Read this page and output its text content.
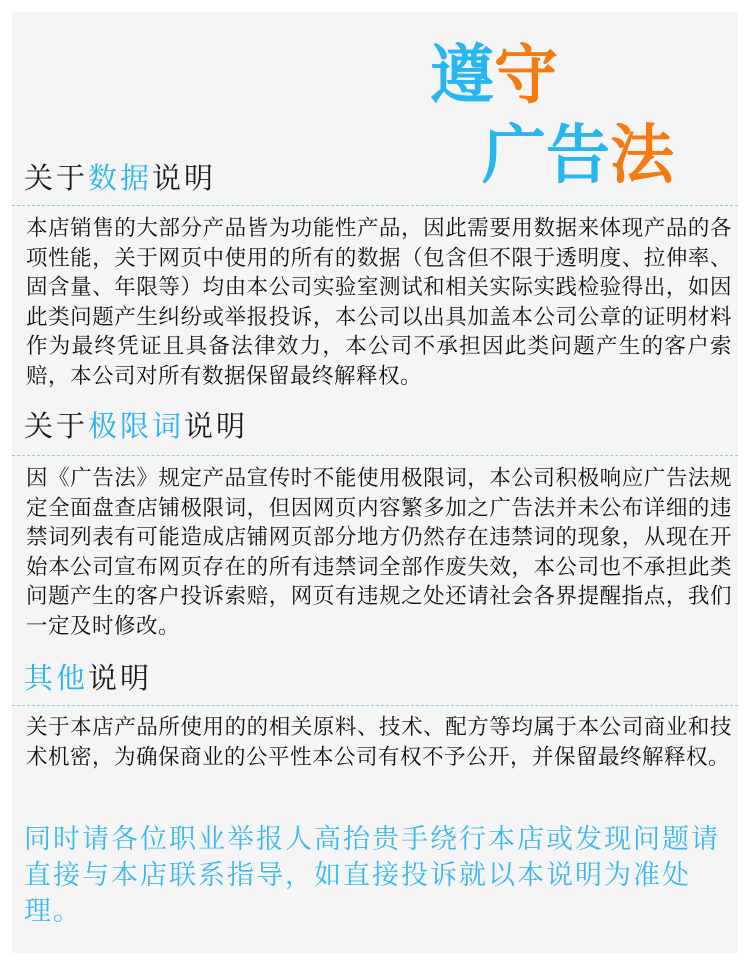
遵守
广告法
关于数据说明

本店销售的大部分产品皆为功能性产品，因此需要用数据来体现产品的各项性能，关于网页中使用的所有的数据（包含但不限于透明度、拉伸率、固含量、年限等）均由本公司实验室测试和相关实际实践检验得出，如因此类问题产生纠纷或举报投诉，本公司以出具加盖本公司公章的证明材料作为最终凭证且具备法律效力，本公司不承担因此类问题产生的客户索赔，本公司对所有数据保留最终解释权。

关于极限词说明

因《广告法》规定产品宣传时不能使用极限词，本公司积极响应广告法规定全面盘查店铺极限词，但因网页内容繁多加之广告法并未公布详细的违禁词列表有可能造成店铺网页部分地方仍然存在违禁词的现象，从现在开始本公司宣布网页存在的所有违禁词全部作废失效，本公司也不承担此类问题产生的客户投诉索赔，网页有违规之处还请社会各界提醒指点，我们一定及时修改。

其他说明

关于本店产品所使用的的相关原料、技术、配方等均属于本公司商业和技术机密，为确保商业的公平性本公司有权不予公开，并保留最终解释权。

同时请各位职业举报人高抬贵手绕行本店或发现问题请直接与本店联系指导，如直接投诉就以本说明为准处理。
